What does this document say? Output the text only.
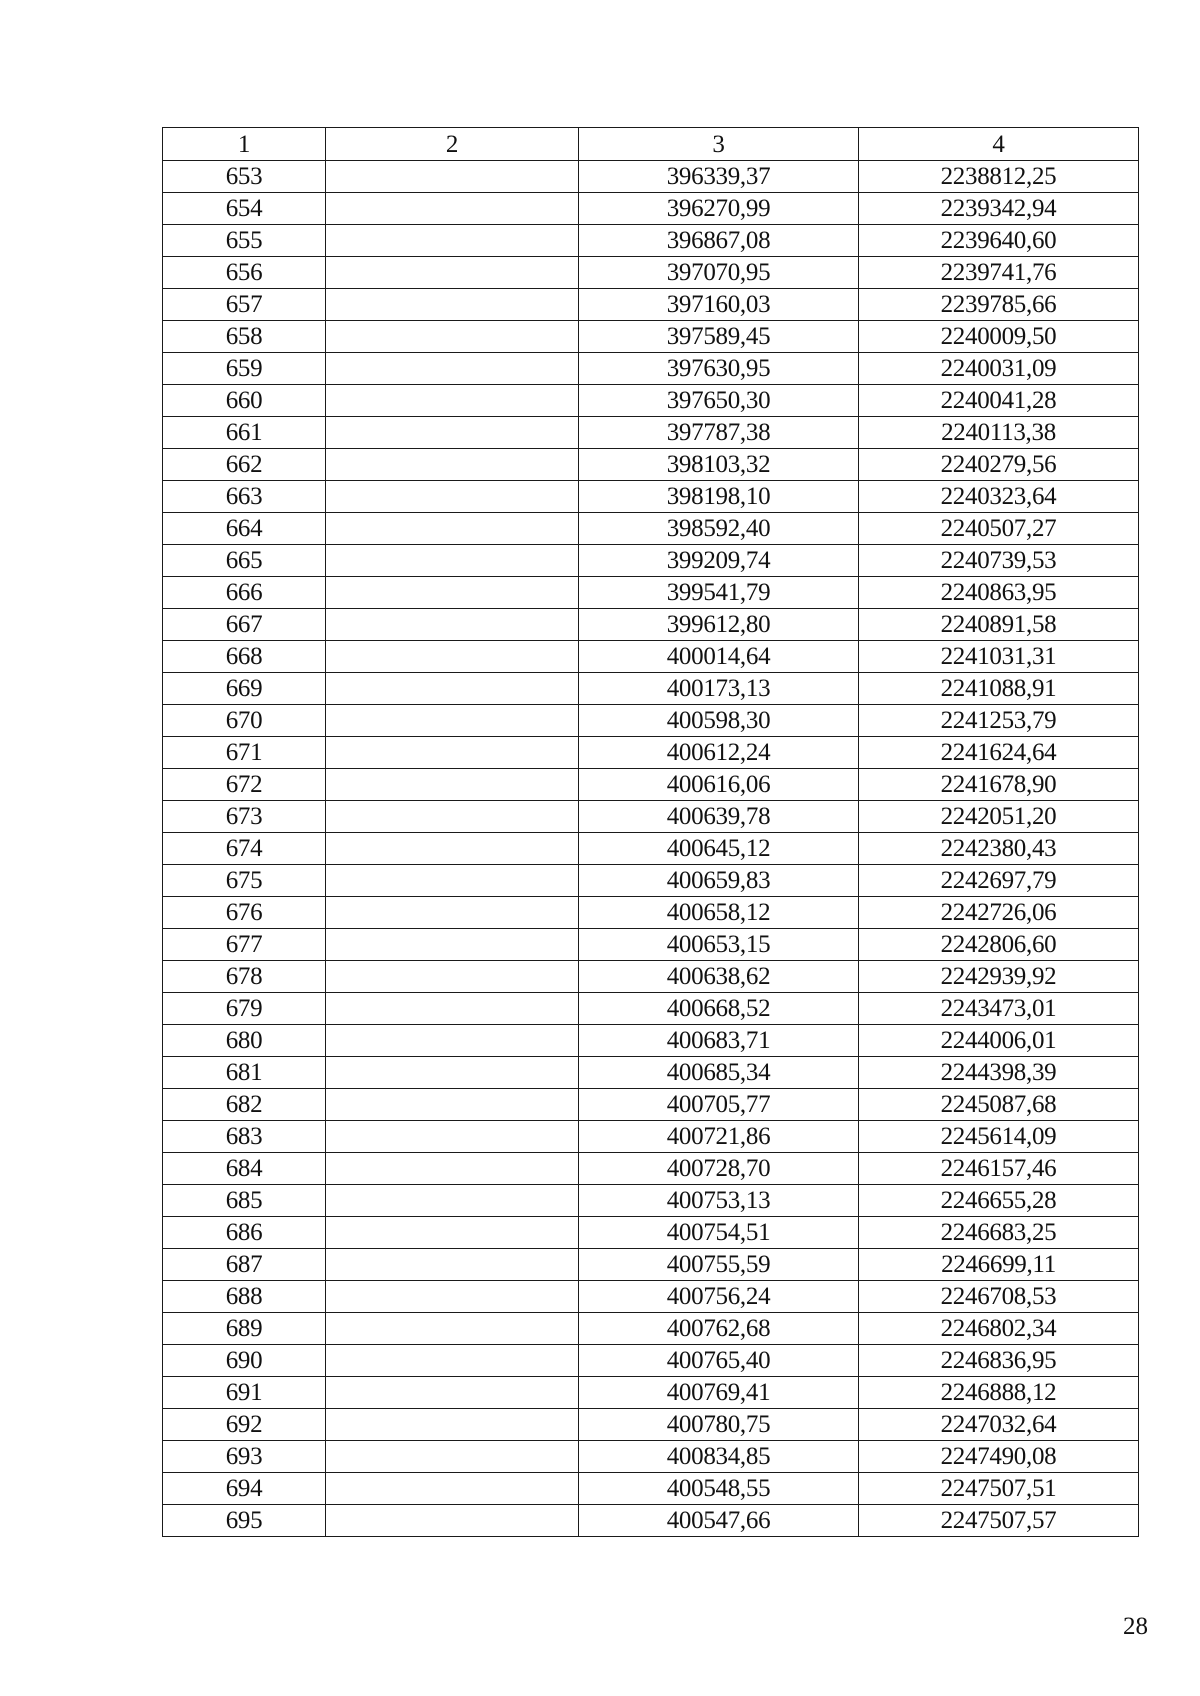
1	2	3	4
653		396339,37	2238812,25
654		396270,99	2239342,94
655		396867,08	2239640,60
656		397070,95	2239741,76
657		397160,03	2239785,66
658		397589,45	2240009,50
659		397630,95	2240031,09
660		397650,30	2240041,28
661		397787,38	2240113,38
662		398103,32	2240279,56
663		398198,10	2240323,64
664		398592,40	2240507,27
665		399209,74	2240739,53
666		399541,79	2240863,95
667		399612,80	2240891,58
668		400014,64	2241031,31
669		400173,13	2241088,91
670		400598,30	2241253,79
671		400612,24	2241624,64
672		400616,06	2241678,90
673		400639,78	2242051,20
674		400645,12	2242380,43
675		400659,83	2242697,79
676		400658,12	2242726,06
677		400653,15	2242806,60
678		400638,62	2242939,92
679		400668,52	2243473,01
680		400683,71	2244006,01
681		400685,34	2244398,39
682		400705,77	2245087,68
683		400721,86	2245614,09
684		400728,70	2246157,46
685		400753,13	2246655,28
686		400754,51	2246683,25
687		400755,59	2246699,11
688		400756,24	2246708,53
689		400762,68	2246802,34
690		400765,40	2246836,95
691		400769,41	2246888,12
692		400780,75	2247032,64
693		400834,85	2247490,08
694		400548,55	2247507,51
695		400547,66	2247507,57
28
